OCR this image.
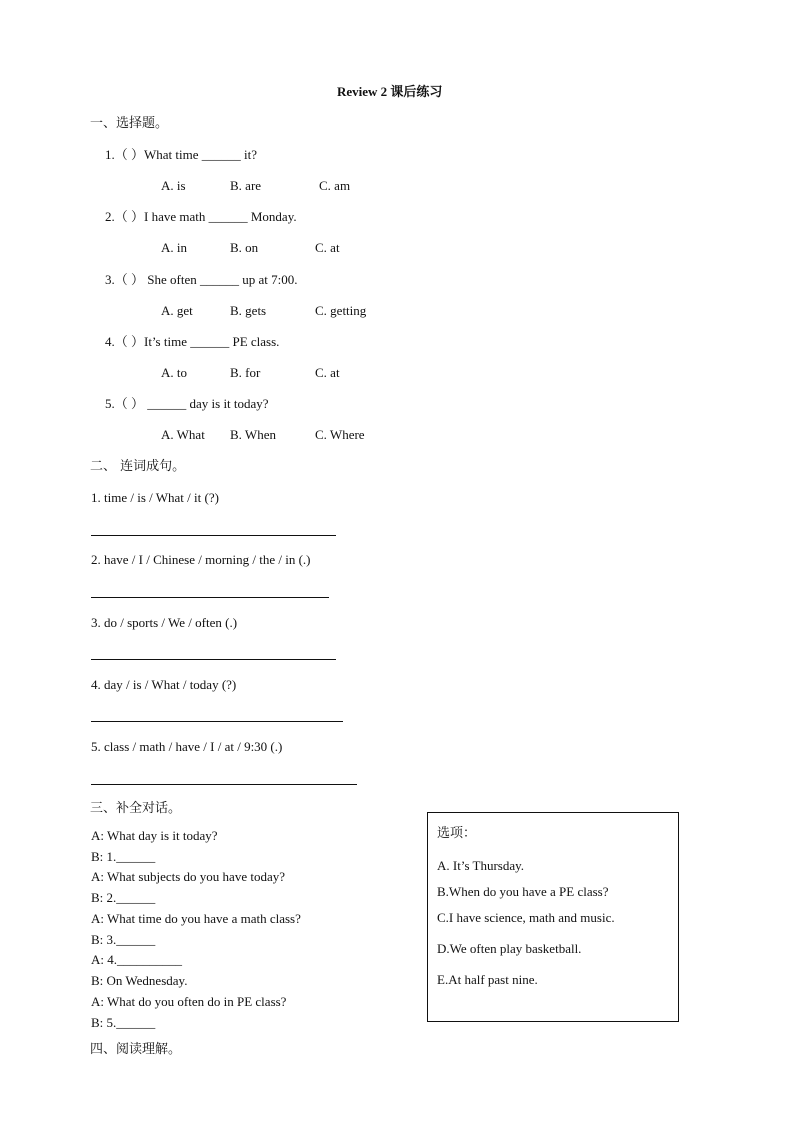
Review 2 课后练习
一、选择题。
1.（ ）What time ______ it?
A. is	B. are	C. am
2.（ ）I have math ______ Monday.
A. in	B. on	C. at
3.（ ） She often ______ up at 7:00.
A. get	B. gets	C. getting
4.（ ）It’s time ______ PE class.
A. to	B. for	C. at
5.（ ） ______ day is it today?
A. What B. When	C. Where
二、 连词成句。
1. time / is / What / it (?)
2. have / I / Chinese / morning / the / in (.)
3. do / sports / We / often (.)
4. day / is / What / today (?)
5. class / math / have / I / at / 9:30 (.)
三、补全对话。
A: What day is it today?
B: 1.______
A: What subjects do you have today?
B: 2.______
A: What time do you have a math class?
B: 3.______
A: 4.__________
B: On Wednesday.
A: What do you often do in PE class?
B: 5.______
选项：
A. It’s Thursday.
B.When do you have a PE class?
C.I have science, math and music.
D.We often play basketball.
E.At half past nine.
四、阅读理解。
